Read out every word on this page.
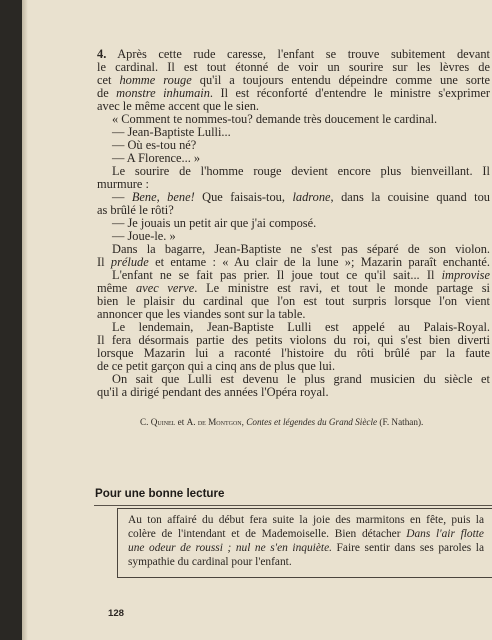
4. Après cette rude caresse, l'enfant se trouve subitement devant

le cardinal. Il est tout étonné de voir un sourire sur les lèvres de

cet homme rouge qu'il a toujours entendu dépeindre comme une sorte

de monstre inhumain. Il est réconforté d'entendre le ministre s'exprimer

avec le même accent que le sien.

« Comment te nommes-tou? demande très doucement le cardinal.

— Jean-Baptiste Lulli...

— Où es-tou né?

— A Florence... »

Le sourire de l'homme rouge devient encore plus bienveillant. Il

murmure :

— Bene, bene! Que faisais-tou, ladrone, dans la couisine quand tou

as brûlé le rôti?

— Je jouais un petit air que j'ai composé.

— Joue-le. »

Dans la bagarre, Jean-Baptiste ne s'est pas séparé de son violon.

Il prélude et entame : « Au clair de la lune »; Mazarin paraît enchanté.

L'enfant ne se fait pas prier. Il joue tout ce qu'il sait... Il improvise

même avec verve. Le ministre est ravi, et tout le monde partage si

bien le plaisir du cardinal que l'on est tout surpris lorsque l'on vient

annoncer que les viandes sont sur la table.

Le lendemain, Jean-Baptiste Lulli est appelé au Palais-Royal.

Il fera désormais partie des petits violons du roi, qui s'est bien diverti

lorsque Mazarin lui a raconté l'histoire du rôti brûlé par la faute

de ce petit garçon qui a cinq ans de plus que lui.

On sait que Lulli est devenu le plus grand musicien du siècle et

qu'il a dirigé pendant des années l'Opéra royal.

C. Quinel et A. de Montgon, Contes et légendes du Grand Siècle (F. Nathan).

Pour une bonne lecture

Au ton affairé du début fera suite la joie des marmitons en fête, puis la

colère de l'intendant et de Mademoiselle. Bien détacher Dans l'air flotte

une odeur de roussi ; nul ne s'en inquiète. Faire sentir dans ses paroles la

sympathie du cardinal pour l'enfant.

128
